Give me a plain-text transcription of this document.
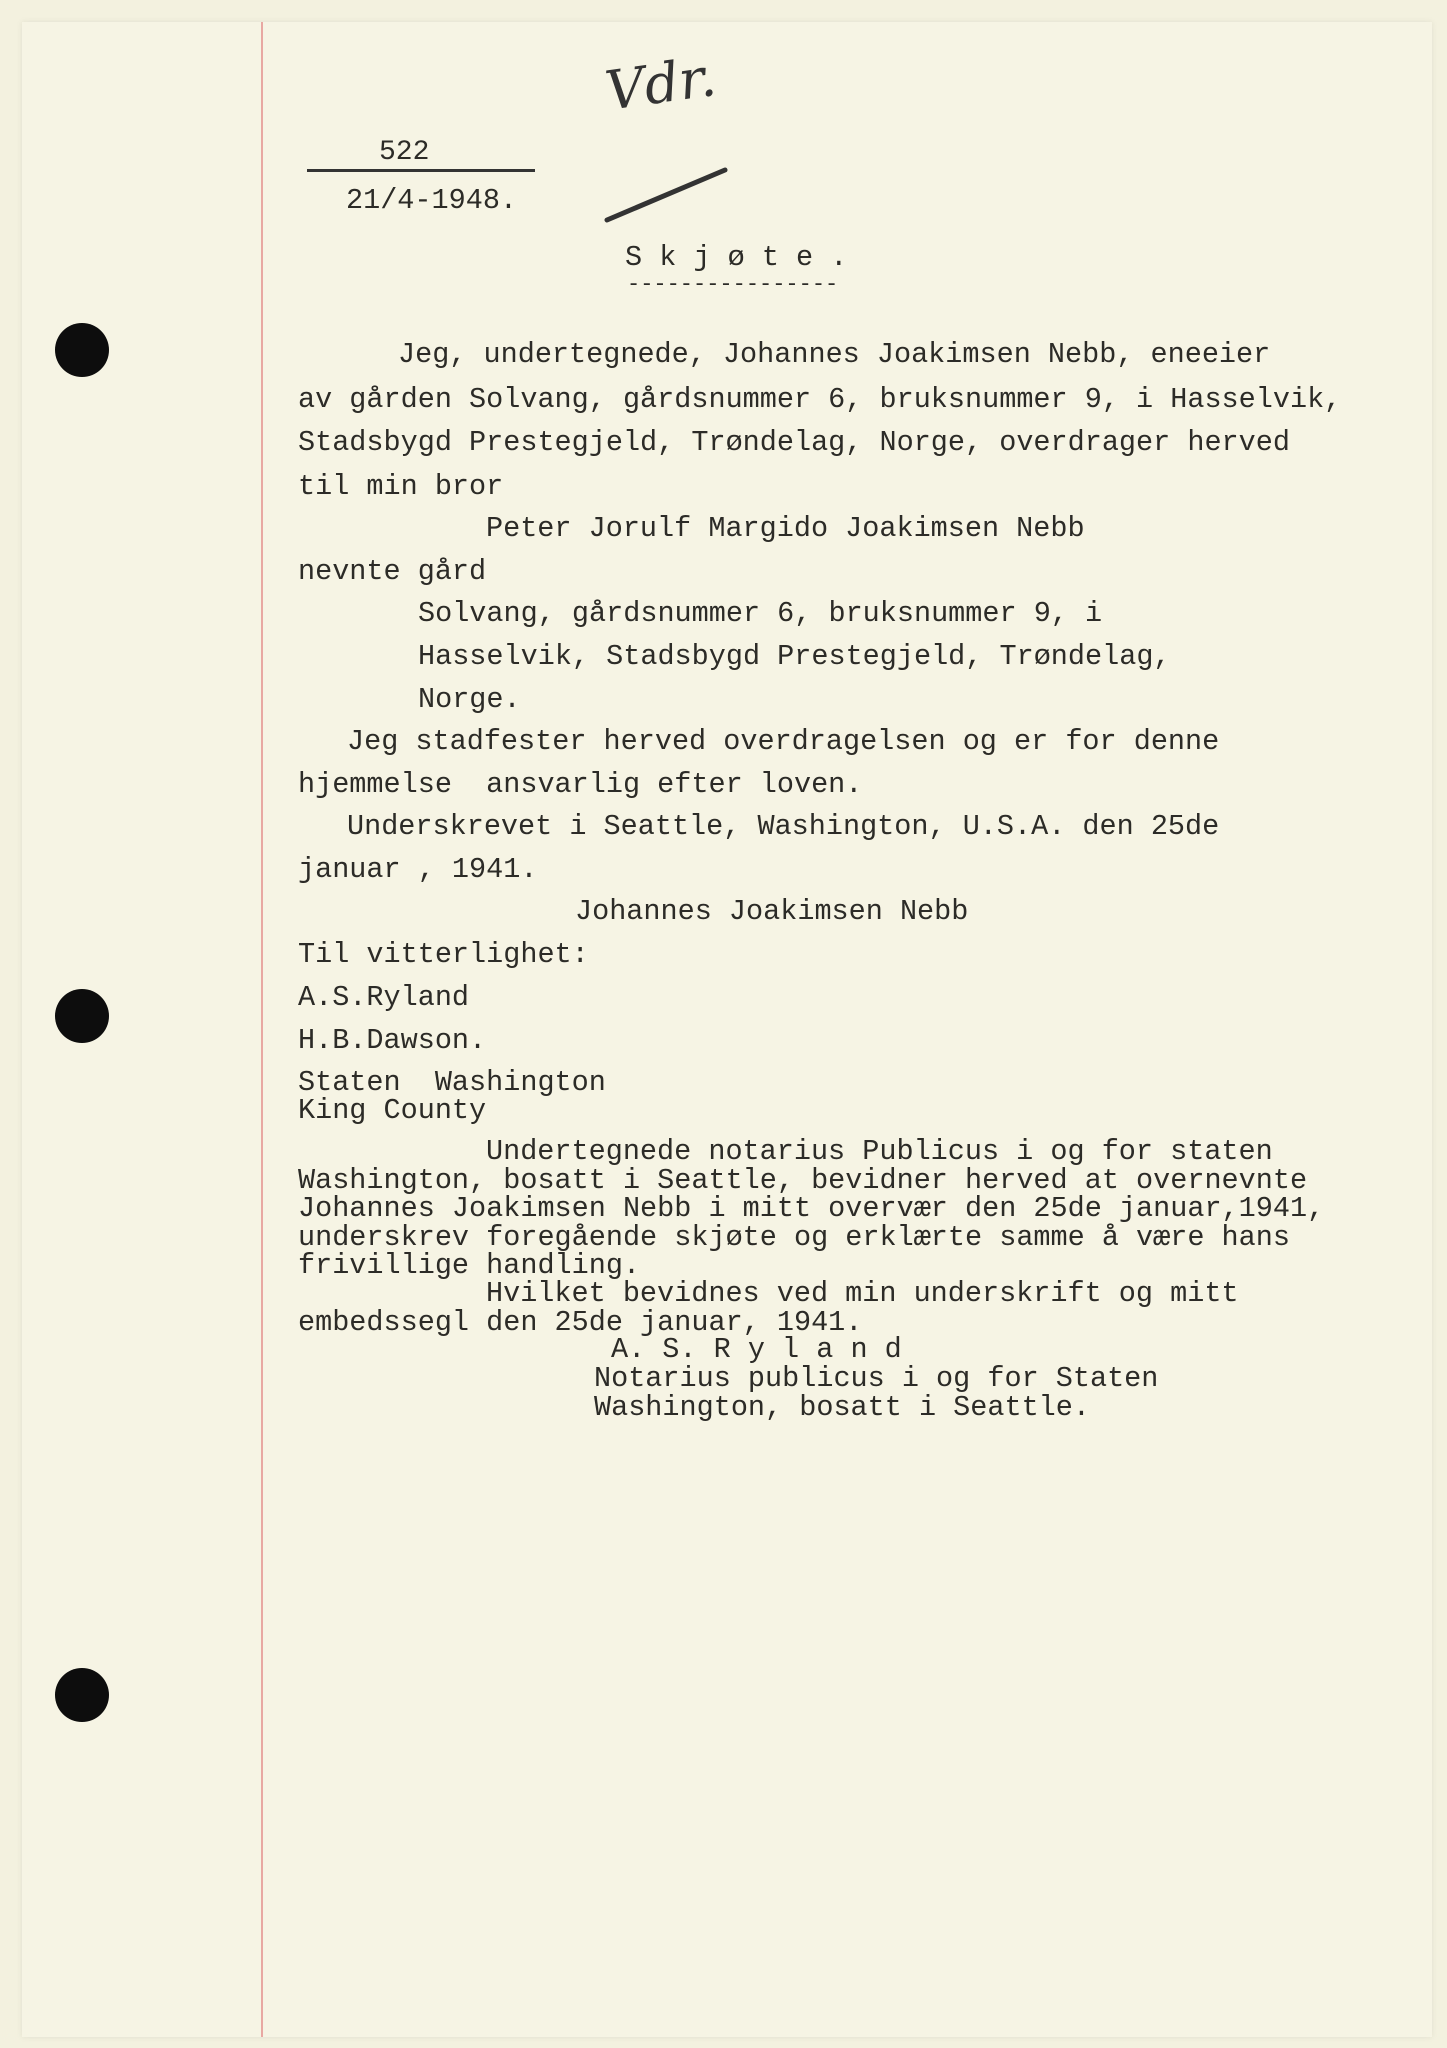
522
21/4-1948.
Vdr.
S k j ø t e .
----------------
Jeg, undertegnede, Johannes Joakimsen Nebb, eneeier
av gården Solvang, gårdsnummer 6, bruksnummer 9, i Hasselvik,
Stadsbygd Prestegjeld, Trøndelag, Norge, overdrager herved
til min bror
Peter Jorulf Margido Joakimsen Nebb
nevnte gård
Solvang, gårdsnummer 6, bruksnummer 9, i
Hasselvik, Stadsbygd Prestegjeld, Trøndelag,
Norge.
Jeg stadfester herved overdragelsen og er for denne
hjemmelse  ansvarlig efter loven.
Underskrevet i Seattle, Washington, U.S.A. den 25de
januar , 1941.
Johannes Joakimsen Nebb
Til vitterlighet:
A.S.Ryland
H.B.Dawson.
Staten  Washington
King County
Undertegnede notarius Publicus i og for staten
Washington, bosatt i Seattle, bevidner herved at overnevnte
Johannes Joakimsen Nebb i mitt overvær den 25de januar,1941,
underskrev foregående skjøte og erklærte samme å være hans
frivillige handling.
Hvilket bevidnes ved min underskrift og mitt
embedssegl den 25de januar, 1941.
A. S. R y l a n d
Notarius publicus i og for Staten
Washington, bosatt i Seattle.
